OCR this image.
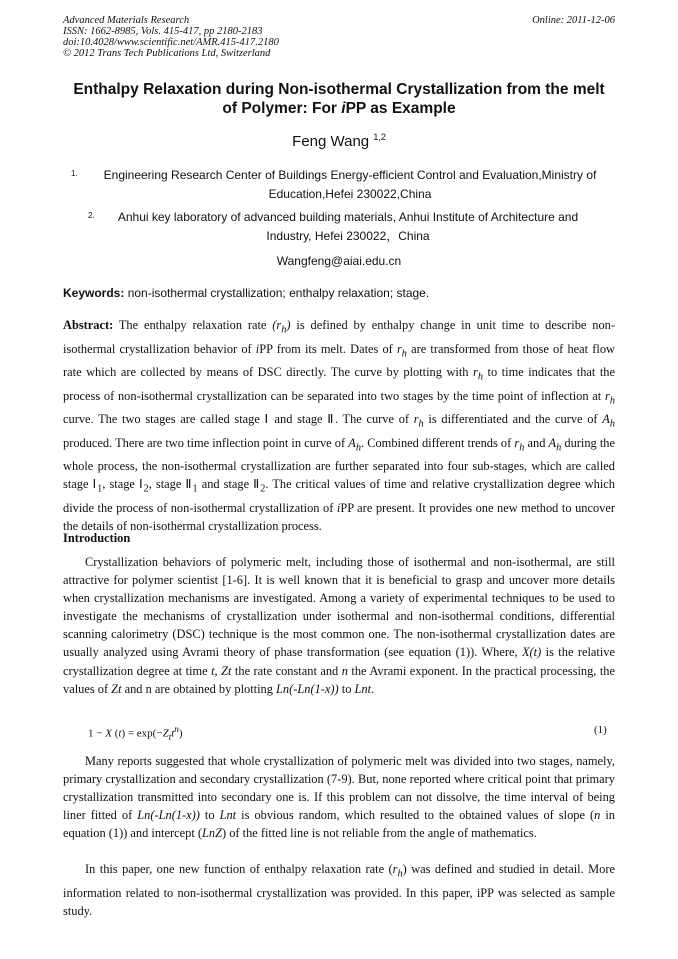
Advanced Materials Research
ISSN: 1662-8985, Vols. 415-417, pp 2180-2183
doi:10.4028/www.scientific.net/AMR.415-417.2180
© 2012 Trans Tech Publications Ltd, Switzerland
Online: 2011-12-06
Enthalpy Relaxation during Non-isothermal Crystallization from the melt
of Polymer: For iPP as Example
Feng Wang $^{1,2}$
1.	Engineering Research Center of Buildings Energy-efficient Control and Evaluation,Ministry of
Education,Hefei 230022,China
2.	Anhui key laboratory of advanced building materials, Anhui Institute of Architecture and
Industry, Hefei 230022，China
Wangfeng@aiai.edu.cn
Keywords: non-isothermal crystallization; enthalpy relaxation; stage.
Abstract: The enthalpy relaxation rate $(r_h)$ is defined by enthalpy change in unit time to describe non-isothermal crystallization behavior of iPP from its melt. Dates of $r_h$ are transformed from those of heat flow rate which are collected by means of DSC directly. The curve by plotting with $r_h$ to time indicates that the process of non-isothermal crystallization can be separated into two stages by the time point of inflection at $r_h$ curve. The two stages are called stage Ⅰ and stage Ⅱ. The curve of $r_h$ is differentiated and the curve of $A_h$ produced. There are two time inflection point in curve of $A_h$. Combined different trends of $r_h$ and $A_h$ during the whole process, the non-isothermal crystallization are further separated into four sub-stages, which are called stage $Ⅰ_1$, stage $Ⅰ_2$, stage $Ⅱ_1$ and stage $Ⅱ_2$. The critical values of time and relative crystallization degree which divide the process of non-isothermal crystallization of iPP are present. It provides one new method to uncover the details of non-isothermal crystallization process.
Introduction
Crystallization behaviors of polymeric melt, including those of isothermal and non-isothermal, are still attractive for polymer scientist [1-6]. It is well known that it is beneficial to grasp and uncover more details when crystallization mechanisms are investigated. Among a variety of experimental techniques to be used to investigate the mechanisms of crystallization under isothermal and non-isothermal conditions, differential scanning calorimetry (DSC) technique is the most common one. The non-isothermal crystallization dates are usually analyzed using Avrami theory of phase transformation (see equation (1)). Where, X(t) is the relative crystallization degree at time t, Zt the rate constant and n the Avrami exponent. In the practical processing, the values of Zt and n are obtained by plotting Ln(-Ln(1-x)) to Lnt.
1 − X $(t) = \exp(-Z_tt^n)$	(1)
Many reports suggested that whole crystallization of polymeric melt was divided into two stages, namely, primary crystallization and secondary crystallization (7-9). But, none reported where critical point that primary crystallization transmitted into secondary one is. If this problem can not dissolve, the time interval of being liner fitted of Ln(-Ln(1-x)) to Lnt is obvious random, which resulted to the obtained values of slope (n in equation (1)) and intercept (LnZ) of the fitted line is not reliable from the angle of mathematics.
In this paper, one new function of enthalpy relaxation rate $(r_h)$ was defined and studied in detail. More information related to non-isothermal crystallization was provided. In this paper, iPP was selected as sample study.
